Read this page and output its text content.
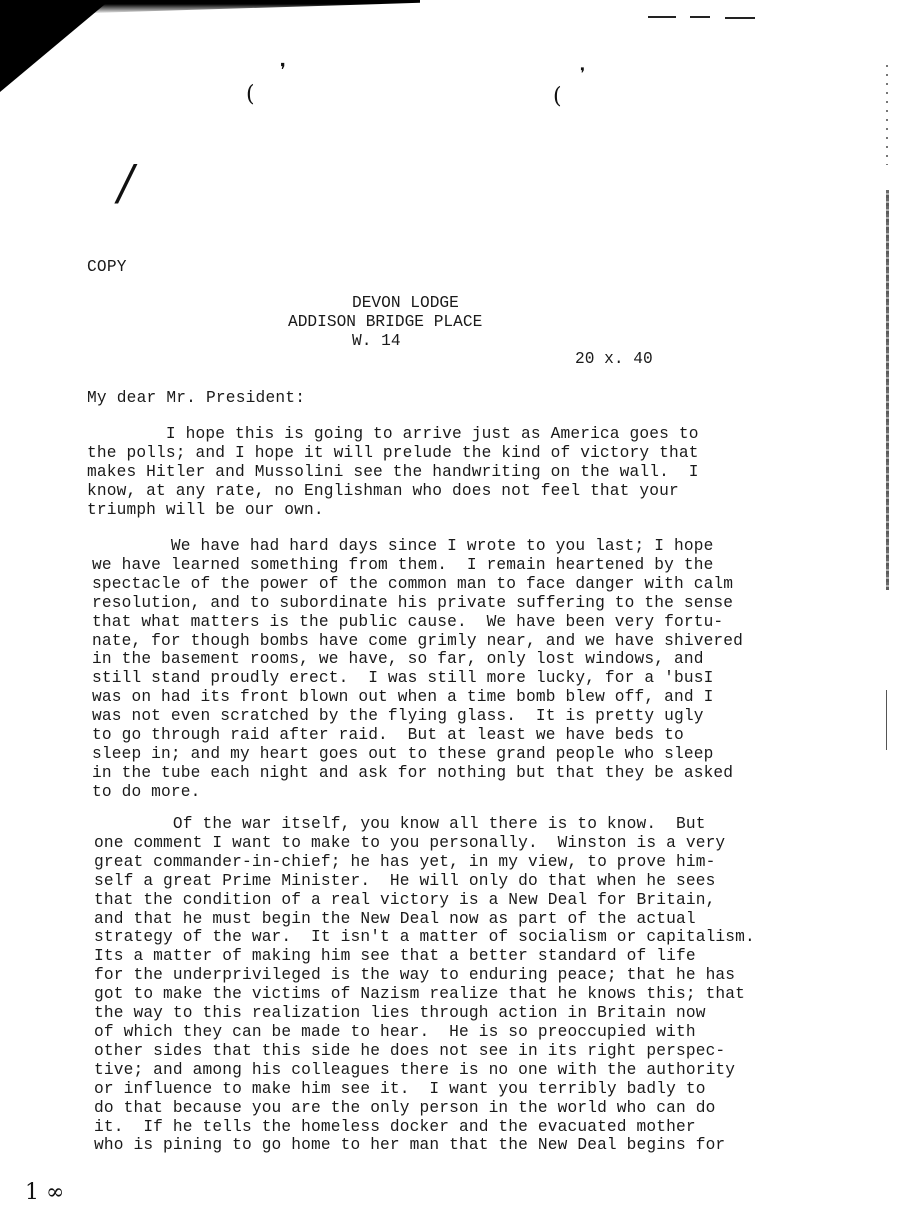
(
❜
(
❜
/
COPY
DEVON LODGE
ADDISON BRIDGE PLACE
W. 14
20 x. 40
My dear Mr. President:
I hope this is going to arrive just as America goes to
the polls; and I hope it will prelude the kind of victory that
makes Hitler and Mussolini see the handwriting on the wall.  I
know, at any rate, no Englishman who does not feel that your
triumph will be our own.
We have had hard days since I wrote to you last; I hope
we have learned something from them.  I remain heartened by the
spectacle of the power of the common man to face danger with calm
resolution, and to subordinate his private suffering to the sense
that what matters is the public cause.  We have been very fortu-
nate, for though bombs have come grimly near, and we have shivered
in the basement rooms, we have, so far, only lost windows, and
still stand proudly erect.  I was still more lucky, for a 'busI
was on had its front blown out when a time bomb blew off, and I
was not even scratched by the flying glass.  It is pretty ugly
to go through raid after raid.  But at least we have beds to
sleep in; and my heart goes out to these grand people who sleep
in the tube each night and ask for nothing but that they be asked
to do more.
Of the war itself, you know all there is to know.  But
one comment I want to make to you personally.  Winston is a very
great commander-in-chief; he has yet, in my view, to prove him-
self a great Prime Minister.  He will only do that when he sees
that the condition of a real victory is a New Deal for Britain,
and that he must begin the New Deal now as part of the actual
strategy of the war.  It isn't a matter of socialism or capitalism.
Its a matter of making him see that a better standard of life
for the underprivileged is the way to enduring peace; that he has
got to make the victims of Nazism realize that he knows this; that
the way to this realization lies through action in Britain now
of which they can be made to hear.  He is so preoccupied with
other sides that this side he does not see in its right perspec-
tive; and among his colleagues there is no one with the authority
or influence to make him see it.  I want you terribly badly to
do that because you are the only person in the world who can do
it.  If he tells the homeless docker and the evacuated mother
who is pining to go home to her man that the New Deal begins for
1 ∞
